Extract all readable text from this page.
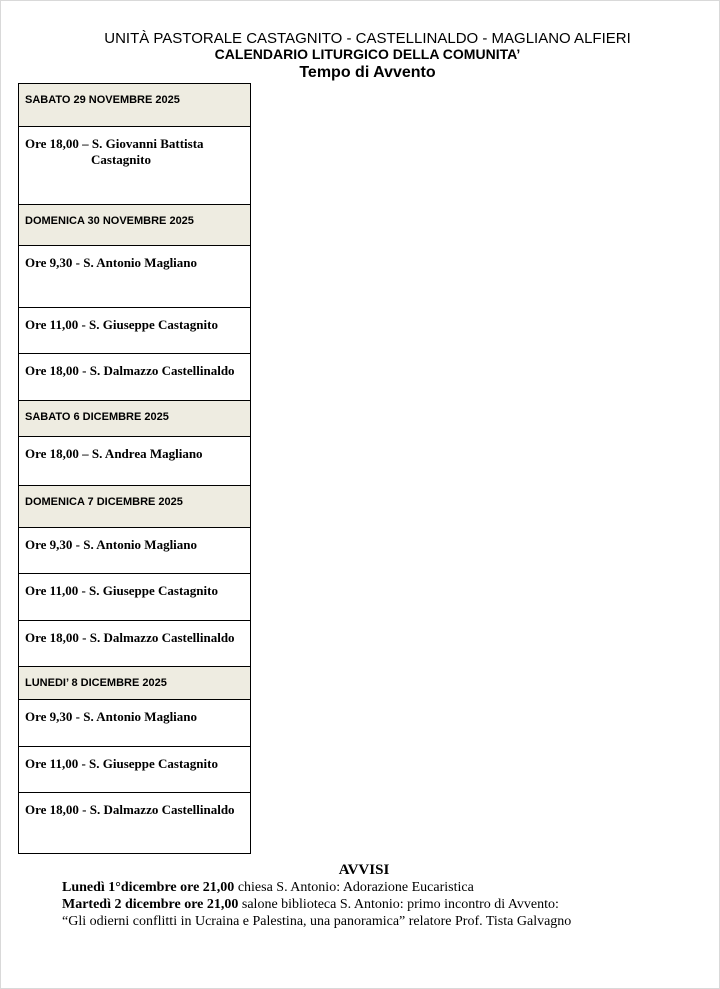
UNITÀ PASTORALE CASTAGNITO - CASTELLINALDO - MAGLIANO ALFIERI
CALENDARIO LITURGICO DELLA COMUNITA’
Tempo di Avvento
SABATO 29 NOVEMBRE 2025

Ore 18,00 – S. Giovanni Battista
Castagnito

DOMENICA 30 NOVEMBRE 2025
Ore 9,30 - S. Antonio Magliano
Ore 11,00 - S. Giuseppe Castagnito
Ore 18,00 - S. Dalmazzo Castellinaldo
SABATO 6 DICEMBRE 2025
Ore 18,00 – S. Andrea Magliano
DOMENICA 7 DICEMBRE 2025
Ore 9,30 - S. Antonio Magliano
Ore 11,00 - S. Giuseppe Castagnito
Ore 18,00 - S. Dalmazzo Castellinaldo
LUNEDI’ 8 DICEMBRE 2025
Ore 9,30 - S. Antonio Magliano
Ore 11,00 - S. Giuseppe Castagnito
Ore 18,00 - S. Dalmazzo Castellinaldo
AVVISI
Lunedì 1°dicembre ore 21,00 chiesa S. Antonio: Adorazione Eucaristica
Martedì 2 dicembre ore 21,00 salone biblioteca S. Antonio: primo incontro di Avvento:
“Gli odierni conflitti in Ucraina e Palestina, una panoramica” relatore Prof. Tista Galvagno
